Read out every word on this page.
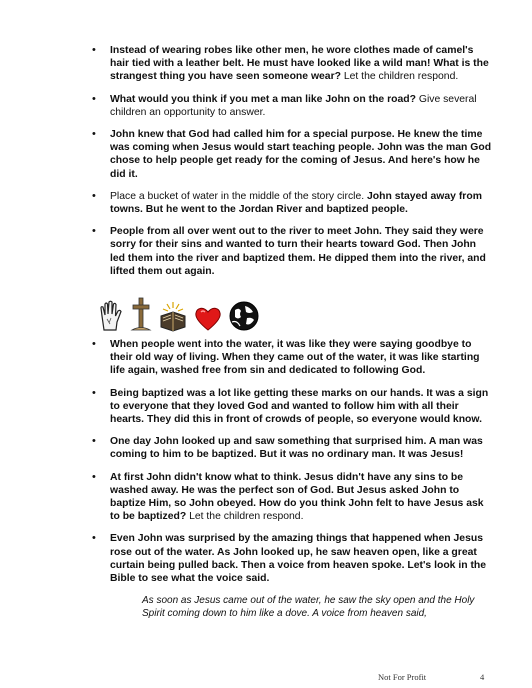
• Instead of wearing robes like other men, he wore clothes made of camel's hair tied with a leather belt. He must have looked like a wild man! What is the strangest thing you have seen someone wear? Let the children respond.
• What would you think if you met a man like John on the road? Give several children an opportunity to answer.
• John knew that God had called him for a special purpose. He knew the time was coming when Jesus would start teaching people. John was the man God chose to help people get ready for the coming of Jesus. And here's how he did it.
• Place a bucket of water in the middle of the story circle. John stayed away from towns. But he went to the Jordan River and baptized people.
• People from all over went out to the river to meet John. They said they were sorry for their sins and wanted to turn their hearts toward God. Then John led them into the river and baptized them. He dipped them into the river, and lifted them out again.
• When people went into the water, it was like they were saying goodbye to their old way of living. When they came out of the water, it was like starting life again, washed free from sin and dedicated to following God.
• Being baptized was a lot like getting these marks on our hands. It was a sign to everyone that they loved God and wanted to follow him with all their hearts. They did this in front of crowds of people, so everyone would know.
• One day John looked up and saw something that surprised him. A man was coming to him to be baptized. But it was no ordinary man. It was Jesus!
• At first John didn't know what to think. Jesus didn't have any sins to be washed away. He was the perfect son of God. But Jesus asked John to baptize Him, so John obeyed. How do you think John felt to have Jesus ask to be baptized? Let the children respond.
• Even John was surprised by the amazing things that happened when Jesus rose out of the water. As John looked up, he saw heaven open, like a great curtain being pulled back. Then a voice from heaven spoke. Let's look in the Bible to see what the voice said.
As soon as Jesus came out of the water, he saw the sky open and the Holy Spirit coming down to him like a dove. A voice from heaven said,
Not For Profit	4
